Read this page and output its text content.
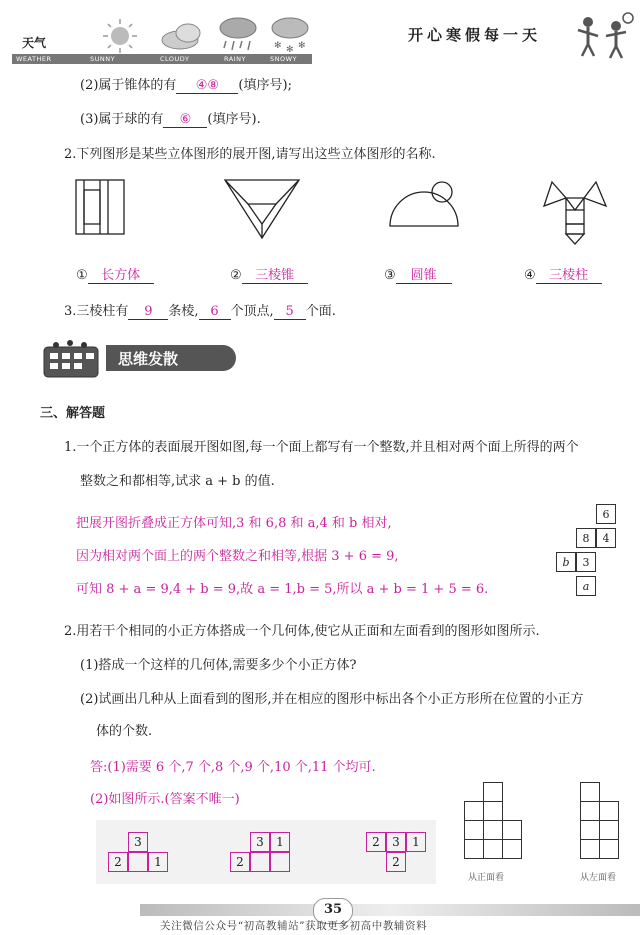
天气	✻ ✻ ✻
WEATHER	SUNNY	CLOUDY	RAINY	SNOWY
开心寒假每一天
(2)属于锥体的有 ④⑧ (填序号);
(3)属于球的有 ⑥ (填序号).
2.下列图形是某些立体图形的展开图,请写出这些立体图形的名称.
① 长方体	② 三棱锥	③ 圆锥	④ 三棱柱
3.三棱柱有 9 条棱, 6 个顶点, 5 个面.
思维发散
三、解答题
1.一个正方体的表面展开图如图,每一个面上都写有一个整数,并且相对两个面上所得的两个
整数之和都相等,试求 a + b 的值.
把展开图折叠成正方体可知,3 和 6,8 和 a,4 和 b 相对,
因为相对两个面上的两个整数之和相等,根据 3 + 6 = 9,
可知 8 + a = 9,4 + b = 9,故 a = 1,b = 5,所以 a + b = 1 + 5 = 6.
6
8	4
b	3
a
2.用若干个相同的小正方体搭成一个几何体,使它从正面和左面看到的图形如图所示.
(1)搭成一个这样的几何体,需要多少个小正方体?
(2)试画出几种从上面看到的图形,并在相应的图形中标出各个小正方形所在位置的小正方
体的个数.
答:(1)需要 6 个,7 个,8 个,9 个,10 个,11 个均可.
(2)如图所示.(答案不唯一)
从正面看	从左面看
3
2	1
3	1
2
2	3	1
2
35
关注微信公众号“初高教辅站”获取更多初高中教辅资料
